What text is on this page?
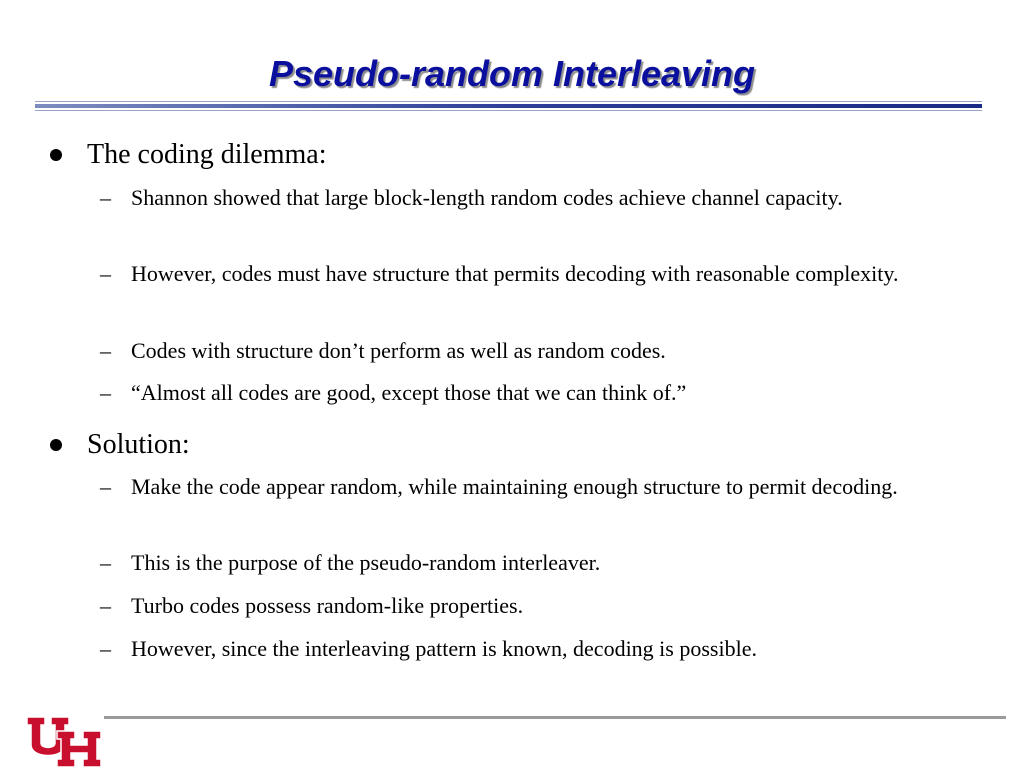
Pseudo-random Interleaving
The coding dilemma:
– Shannon showed that large block-length random codes achieve channel capacity.
– However, codes must have structure that permits decoding with reasonable complexity.
– Codes with structure don’t perform as well as random codes.
– “Almost all codes are good, except those that we can think of.”
Solution:
– Make the code appear random, while maintaining enough structure to permit decoding.
– This is the purpose of the pseudo-random interleaver.
– Turbo codes possess random-like properties.
– However, since the interleaving pattern is known, decoding is possible.
